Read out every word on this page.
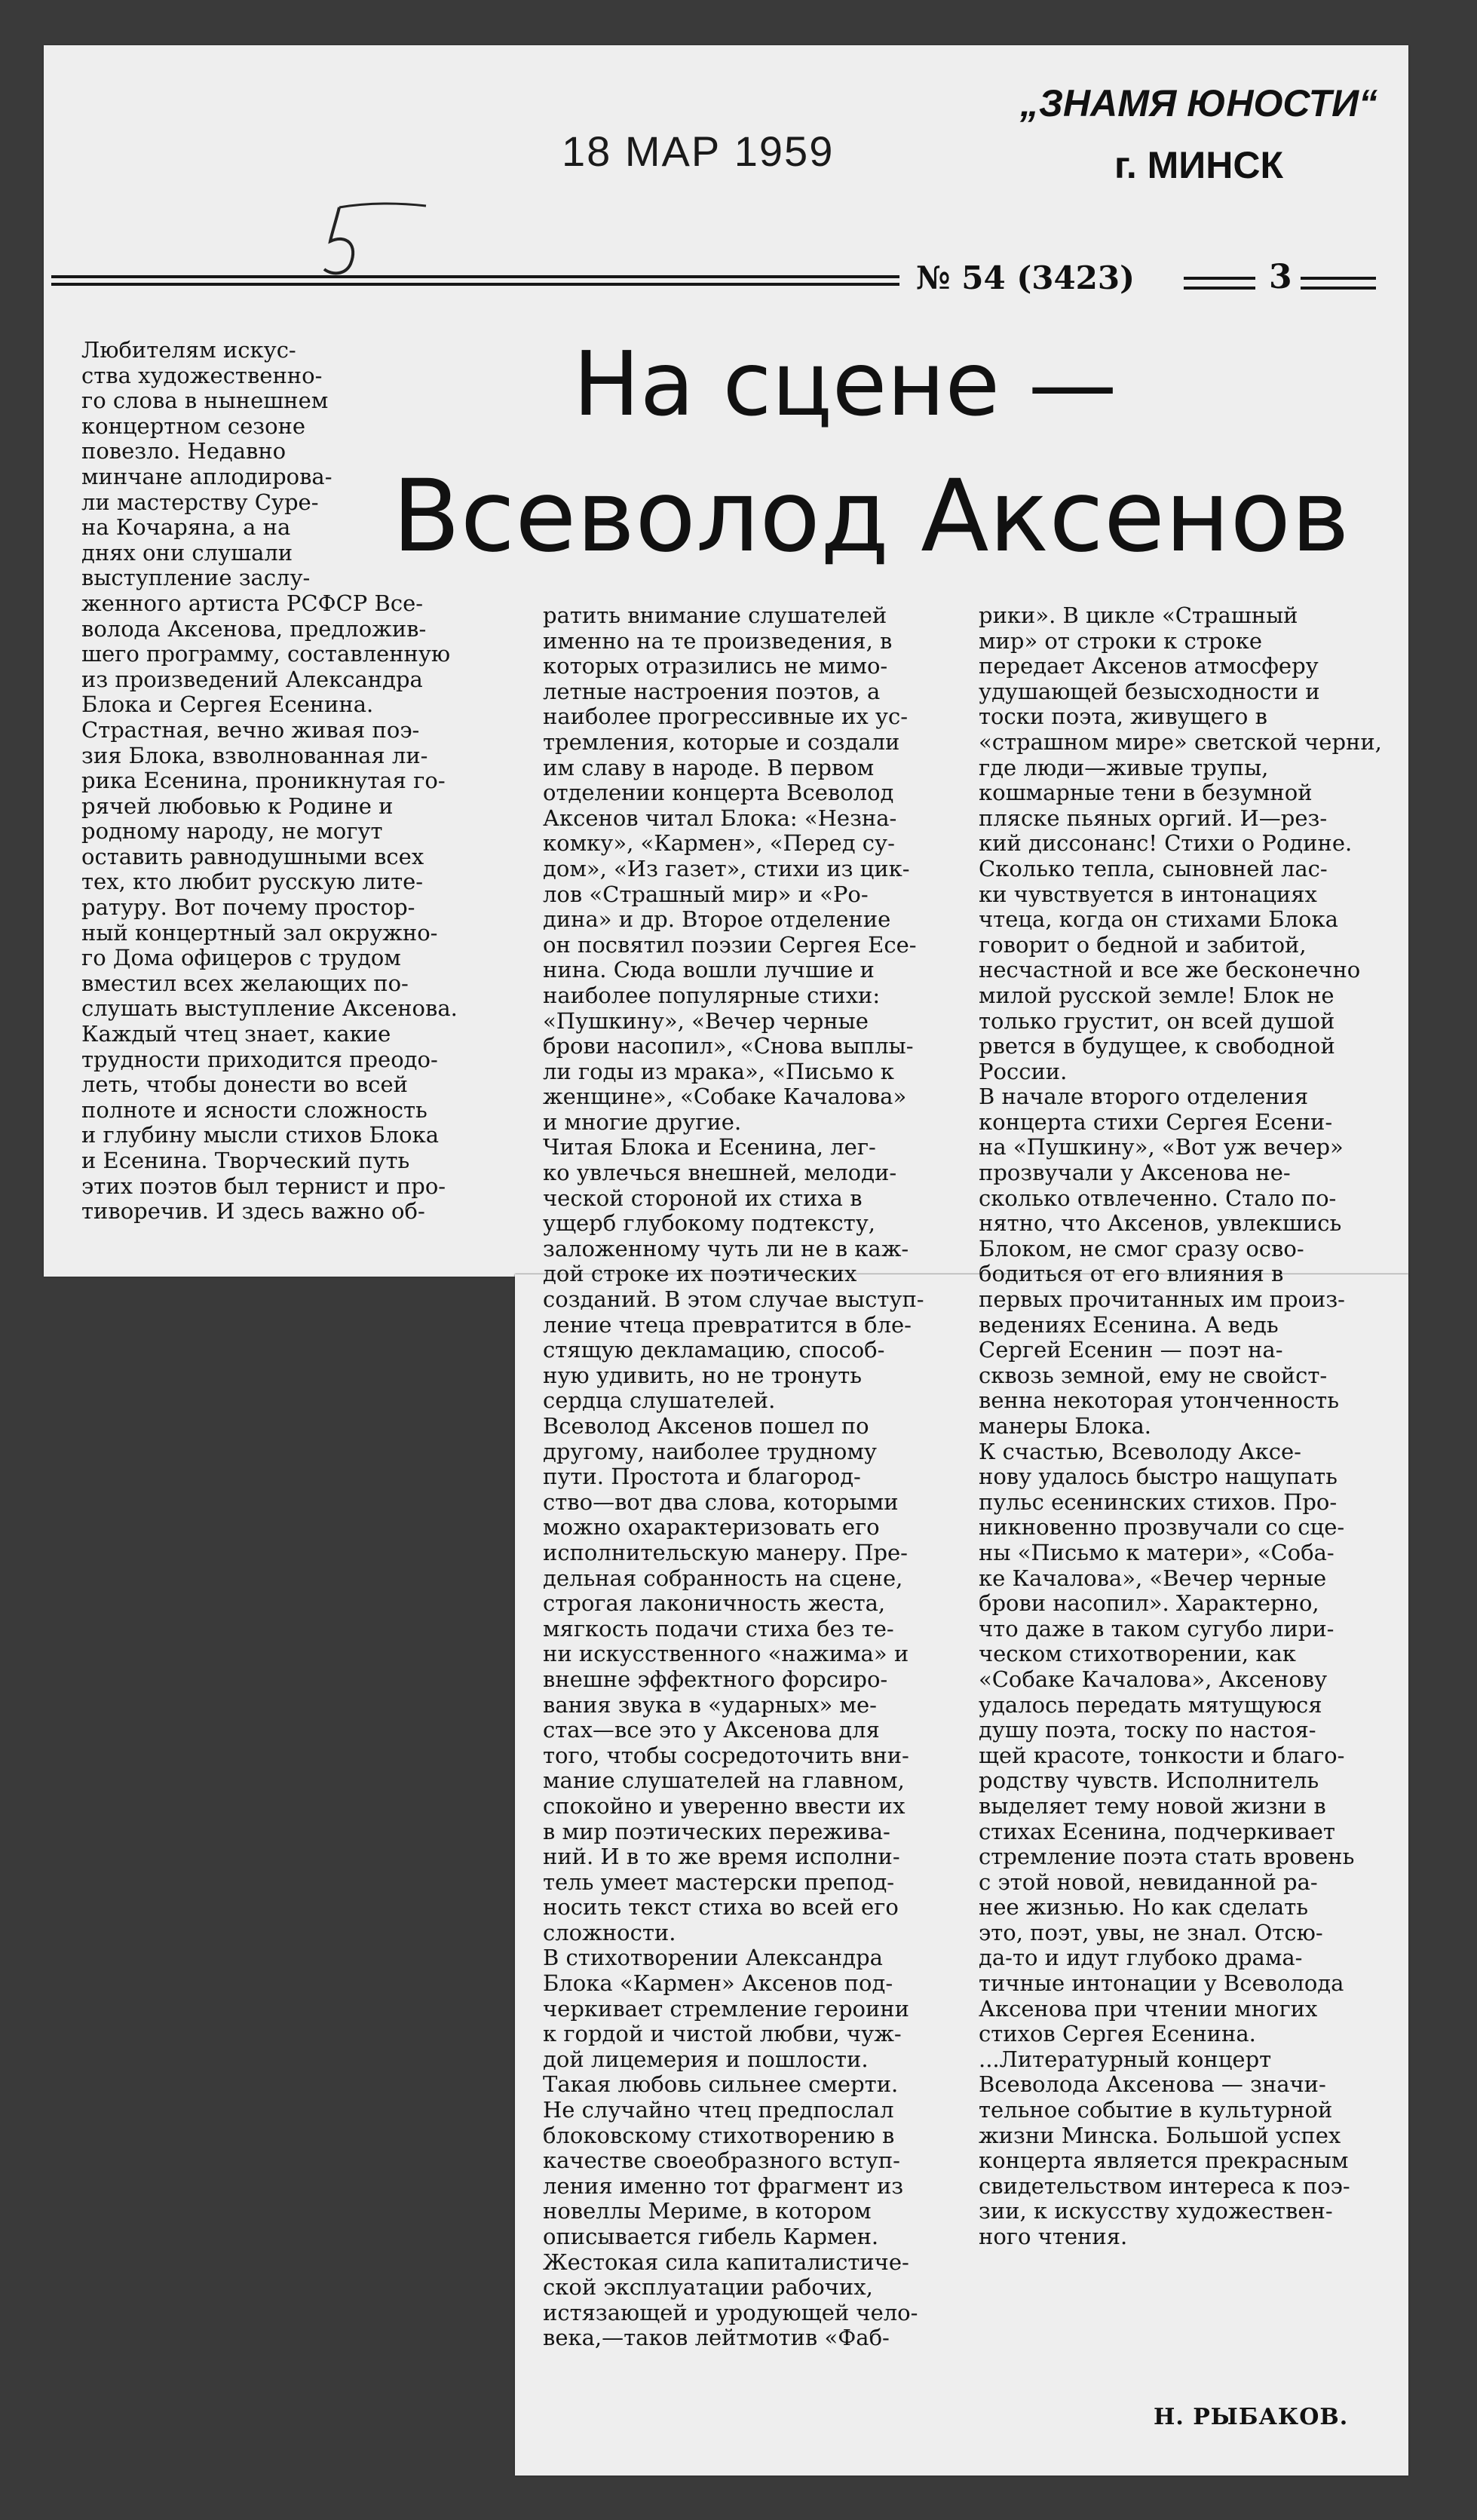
18 МАР 1959
„ЗНАМЯ ЮНОСТИ“
г. МИНСК
№ 54 (3423)	3
На сцене —
Всеволод Аксенов
Любителям искус-
ства художественно-
го слова в нынешнем
концертном сезоне
повезло. Недавно
минчане аплодирова-
ли мастерству Суре-
на Кочаряна, а на
днях они слушали
выступление заслу-
женного артиста РСФСР Все-
волода Аксенова, предложив-
шего программу, составленную
из произведений Александра
Блока и Сергея Есенина.
Страстная, вечно живая поэ-
зия Блока, взволнованная ли-
рика Есенина, проникнутая го-
рячей любовью к Родине и
родному народу, не могут
оставить равнодушными всех
тех, кто любит русскую лите-
ратуру. Вот почему простор-
ный концертный зал окружно-
го Дома офицеров с трудом
вместил всех желающих по-
слушать выступление Аксенова.
Каждый чтец знает, какие
трудности приходится преодо-
леть, чтобы донести во всей
полноте и ясности сложность
и глубину мысли стихов Блока
и Есенина. Творческий путь
этих поэтов был тернист и про-
тиворечив. И здесь важно об-
ратить внимание слушателей
именно на те произведения, в
которых отразились не мимо-
летные настроения поэтов, а
наиболее прогрессивные их ус-
тремления, которые и создали
им славу в народе. В первом
отделении концерта Всеволод
Аксенов читал Блока: «Незна-
комку», «Кармен», «Перед су-
дом», «Из газет», стихи из цик-
лов «Страшный мир» и «Ро-
дина» и др. Второе отделение
он посвятил поэзии Сергея Есе-
нина. Сюда вошли лучшие и
наиболее популярные стихи:
«Пушкину», «Вечер черные
брови насопил», «Снова выплы-
ли годы из мрака», «Письмо к
женщине», «Собаке Качалова»
и многие другие.
Читая Блока и Есенина, лег-
ко увлечься внешней, мелоди-
ческой стороной их стиха в
ущерб глубокому подтексту,
заложенному чуть ли не в каж-
дой строке их поэтических
созданий. В этом случае выступ-
ление чтеца превратится в бле-
стящую декламацию, способ-
ную удивить, но не тронуть
сердца слушателей.
Всеволод Аксенов пошел по
другому, наиболее трудному
пути. Простота и благород-
ство—вот два слова, которыми
можно охарактеризовать его
исполнительскую манеру. Пре-
дельная собранность на сцене,
строгая лаконичность жеста,
мягкость подачи стиха без те-
ни искусственного «нажима» и
внешне эффектного форсиро-
вания звука в «ударных» ме-
стах—все это у Аксенова для
того, чтобы сосредоточить вни-
мание слушателей на главном,
спокойно и уверенно ввести их
в мир поэтических пережива-
ний. И в то же время исполни-
тель умеет мастерски препод-
носить текст стиха во всей его
сложности.
В стихотворении Александра
Блока «Кармен» Аксенов под-
черкивает стремление героини
к гордой и чистой любви, чуж-
дой лицемерия и пошлости.
Такая любовь сильнее смерти.
Не случайно чтец предпослал
блоковскому стихотворению в
качестве своеобразного вступ-
ления именно тот фрагмент из
новеллы Мериме, в котором
описывается гибель Кармен.
Жестокая сила капиталистиче-
ской эксплуатации рабочих,
истязающей и уродующей чело-
века,—таков лейтмотив «Фаб-
рики». В цикле «Страшный
мир» от строки к строке
передает Аксенов атмосферу
удушающей безысходности и
тоски поэта, живущего в
«страшном мире» светской черни,
где люди—живые трупы,
кошмарные тени в безумной
пляске пьяных оргий. И—рез-
кий диссонанс! Стихи о Родине.
Сколько тепла, сыновней лас-
ки чувствуется в интонациях
чтеца, когда он стихами Блока
говорит о бедной и забитой,
несчастной и все же бесконечно
милой русской земле! Блок не
только грустит, он всей душой
рвется в будущее, к свободной
России.
В начале второго отделения
концерта стихи Сергея Есени-
на «Пушкину», «Вот уж вечер»
прозвучали у Аксенова не-
сколько отвлеченно. Стало по-
нятно, что Аксенов, увлекшись
Блоком, не смог сразу осво-
бодиться от его влияния в
первых прочитанных им произ-
ведениях Есенина. А ведь
Сергей Есенин — поэт на-
сквозь земной, ему не свойст-
венна некоторая утонченность
манеры Блока.
К счастью, Всеволоду Аксе-
нову удалось быстро нащупать
пульс есенинских стихов. Про-
никновенно прозвучали со сце-
ны «Письмо к матери», «Соба-
ке Качалова», «Вечер черные
брови насопил». Характерно,
что даже в таком сугубо лири-
ческом стихотворении, как
«Собаке Качалова», Аксенову
удалось передать мятущуюся
душу поэта, тоску по настоя-
щей красоте, тонкости и благо-
родству чувств. Исполнитель
выделяет тему новой жизни в
стихах Есенина, подчеркивает
стремление поэта стать вровень
с этой новой, невиданной ра-
нее жизнью. Но как сделать
это, поэт, увы, не знал. Отсю-
да-то и идут глубоко драма-
тичные интонации у Всеволода
Аксенова при чтении многих
стихов Сергея Есенина.
...Литературный концерт
Всеволода Аксенова — значи-
тельное событие в культурной
жизни Минска. Большой успех
концерта является прекрасным
свидетельством интереса к поэ-
зии, к искусству художествен-
ного чтения.
Н. РЫБАКОВ.
